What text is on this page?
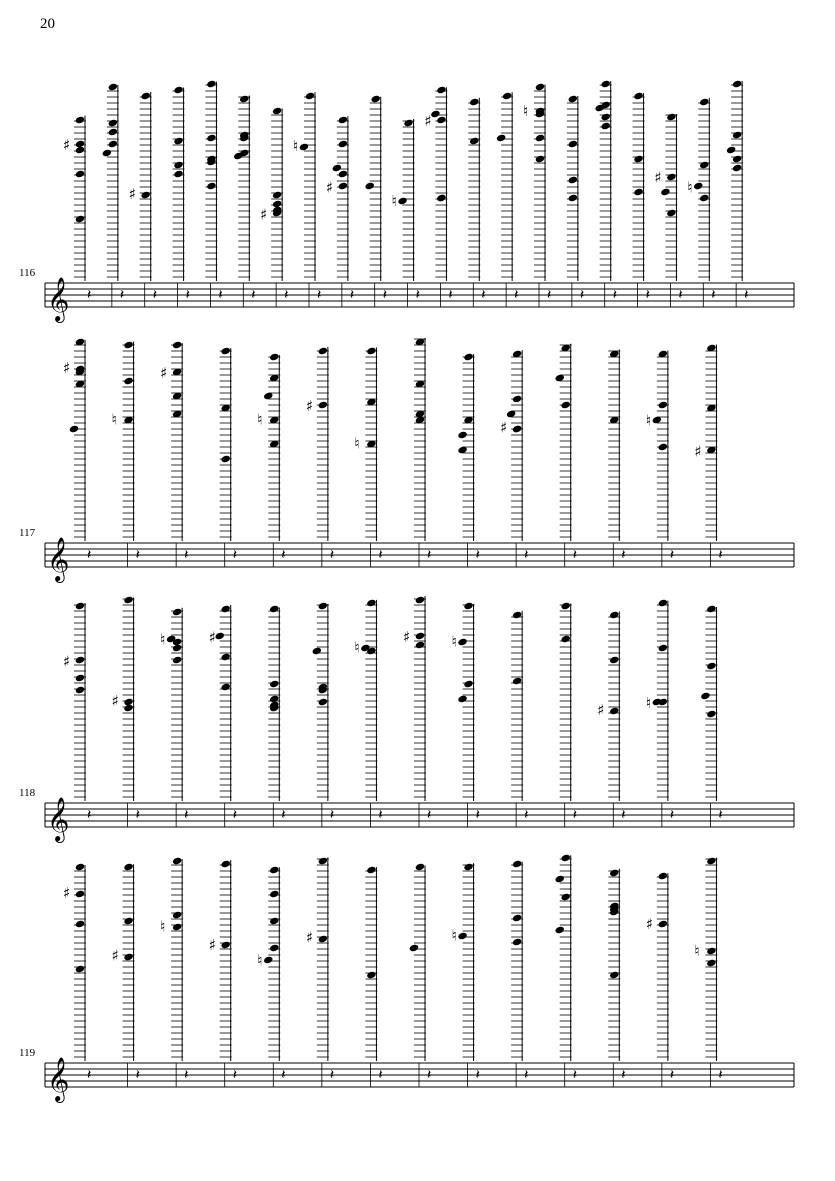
20
116
117
118
119
𝄞
♯
𝄽 𝄽
♯
𝄽 𝄽 𝄽 𝄽
♯
𝄽
♮
𝄽
♯
𝄽 𝄽
♮
𝄽
♯
𝄽 𝄽 𝄽
♮
𝄽 𝄽 𝄽 𝄽
♯
𝄽
♮
𝄽 𝄽
𝄞
♯
𝄽
♮
𝄽
♯
𝄽	𝄽
♮
𝄽
♯
𝄽
♮
𝄽	𝄽	𝄽
♯
𝄽	𝄽	𝄽
♮
𝄽
♯
𝄽
𝄞
♯
𝄽
♯
𝄽
♮
𝄽
♯
𝄽	𝄽	𝄽
♮
𝄽
♯
𝄽
♮
𝄽	𝄽	𝄽
♯
𝄽
♮
𝄽	𝄽
𝄞
♯
𝄽
♯
𝄽
♮
𝄽
♯
𝄽
♮
𝄽
♯
𝄽	𝄽	𝄽
♮
𝄽	𝄽	𝄽	𝄽
♯
𝄽
♮
𝄽
